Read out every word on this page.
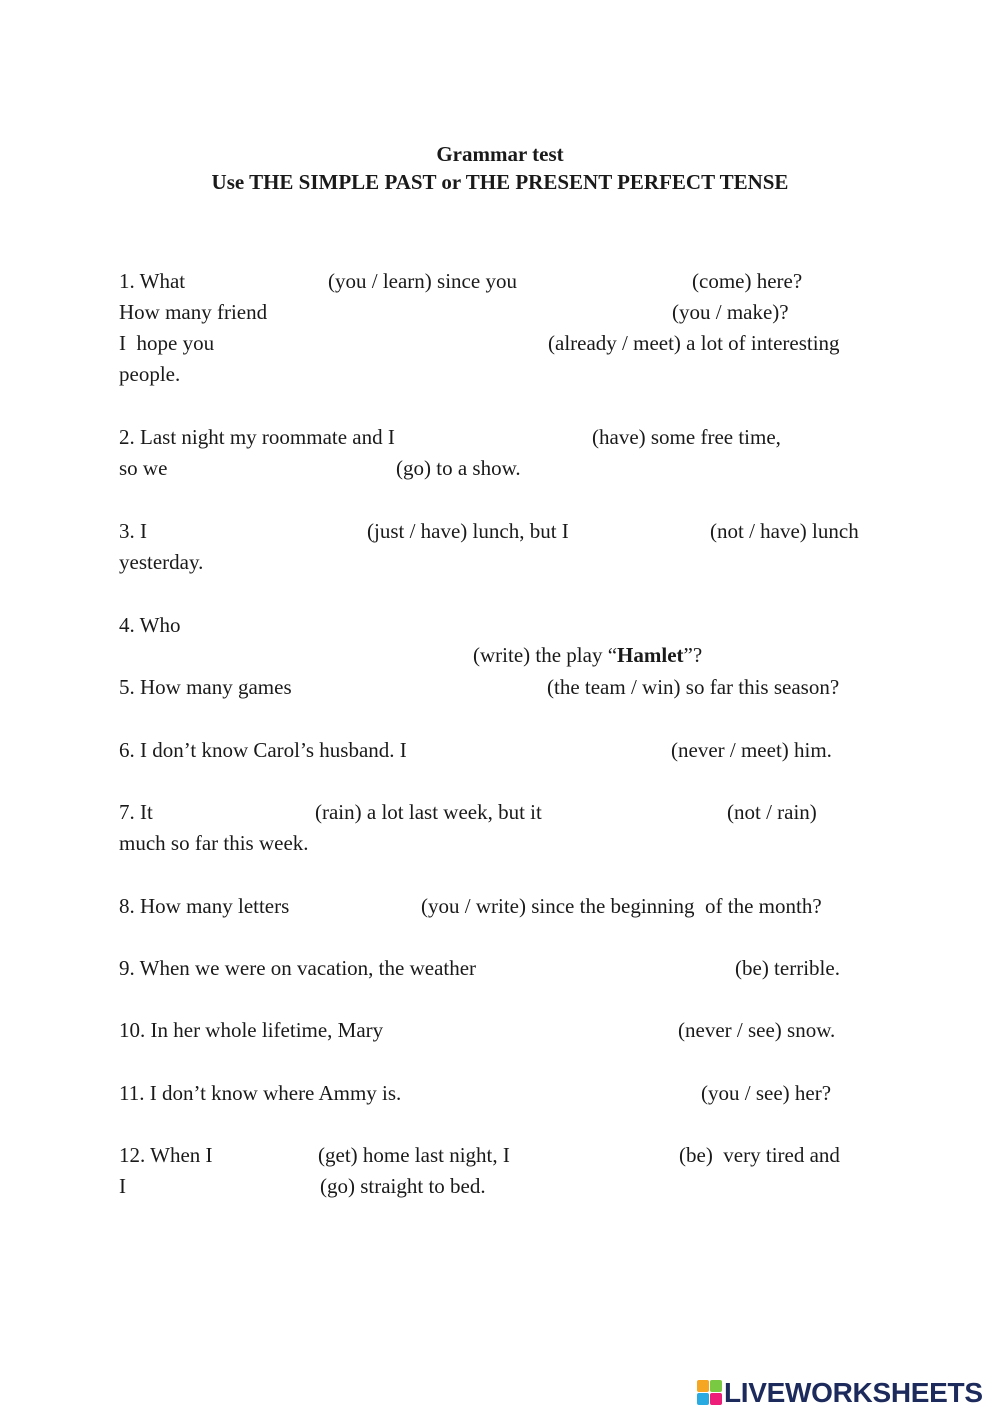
Grammar test
Use THE SIMPLE PAST or THE PRESENT PERFECT TENSE
1. What	(you / learn) since you	(come) here?
How many friend	(you / make)?
I  hope you	(already / meet) a lot of interesting
people.
2. Last night my roommate and I	(have) some free time,
so we	(go) to a show.
3. I	(just / have) lunch, but I	(not / have) lunch
yesterday.
4. Who

(write) the play “Hamlet”?

5. How many games	(the team / win) so far this season?
6. I don’t know Carol’s husband. I	(never / meet) him.
7. It	(rain) a lot last week, but it	(not / rain)
much so far this week.
8. How many letters	(you / write) since the beginning  of the month?
9. When we were on vacation, the weather	(be) terrible.
10. In her whole lifetime, Mary	(never / see) snow.
11. I don’t know where Ammy is.	(you / see) her?
12. When I	(get) home last night, I	(be)  very tired and
I	(go) straight to bed.
LIVEWORKSHEETS
